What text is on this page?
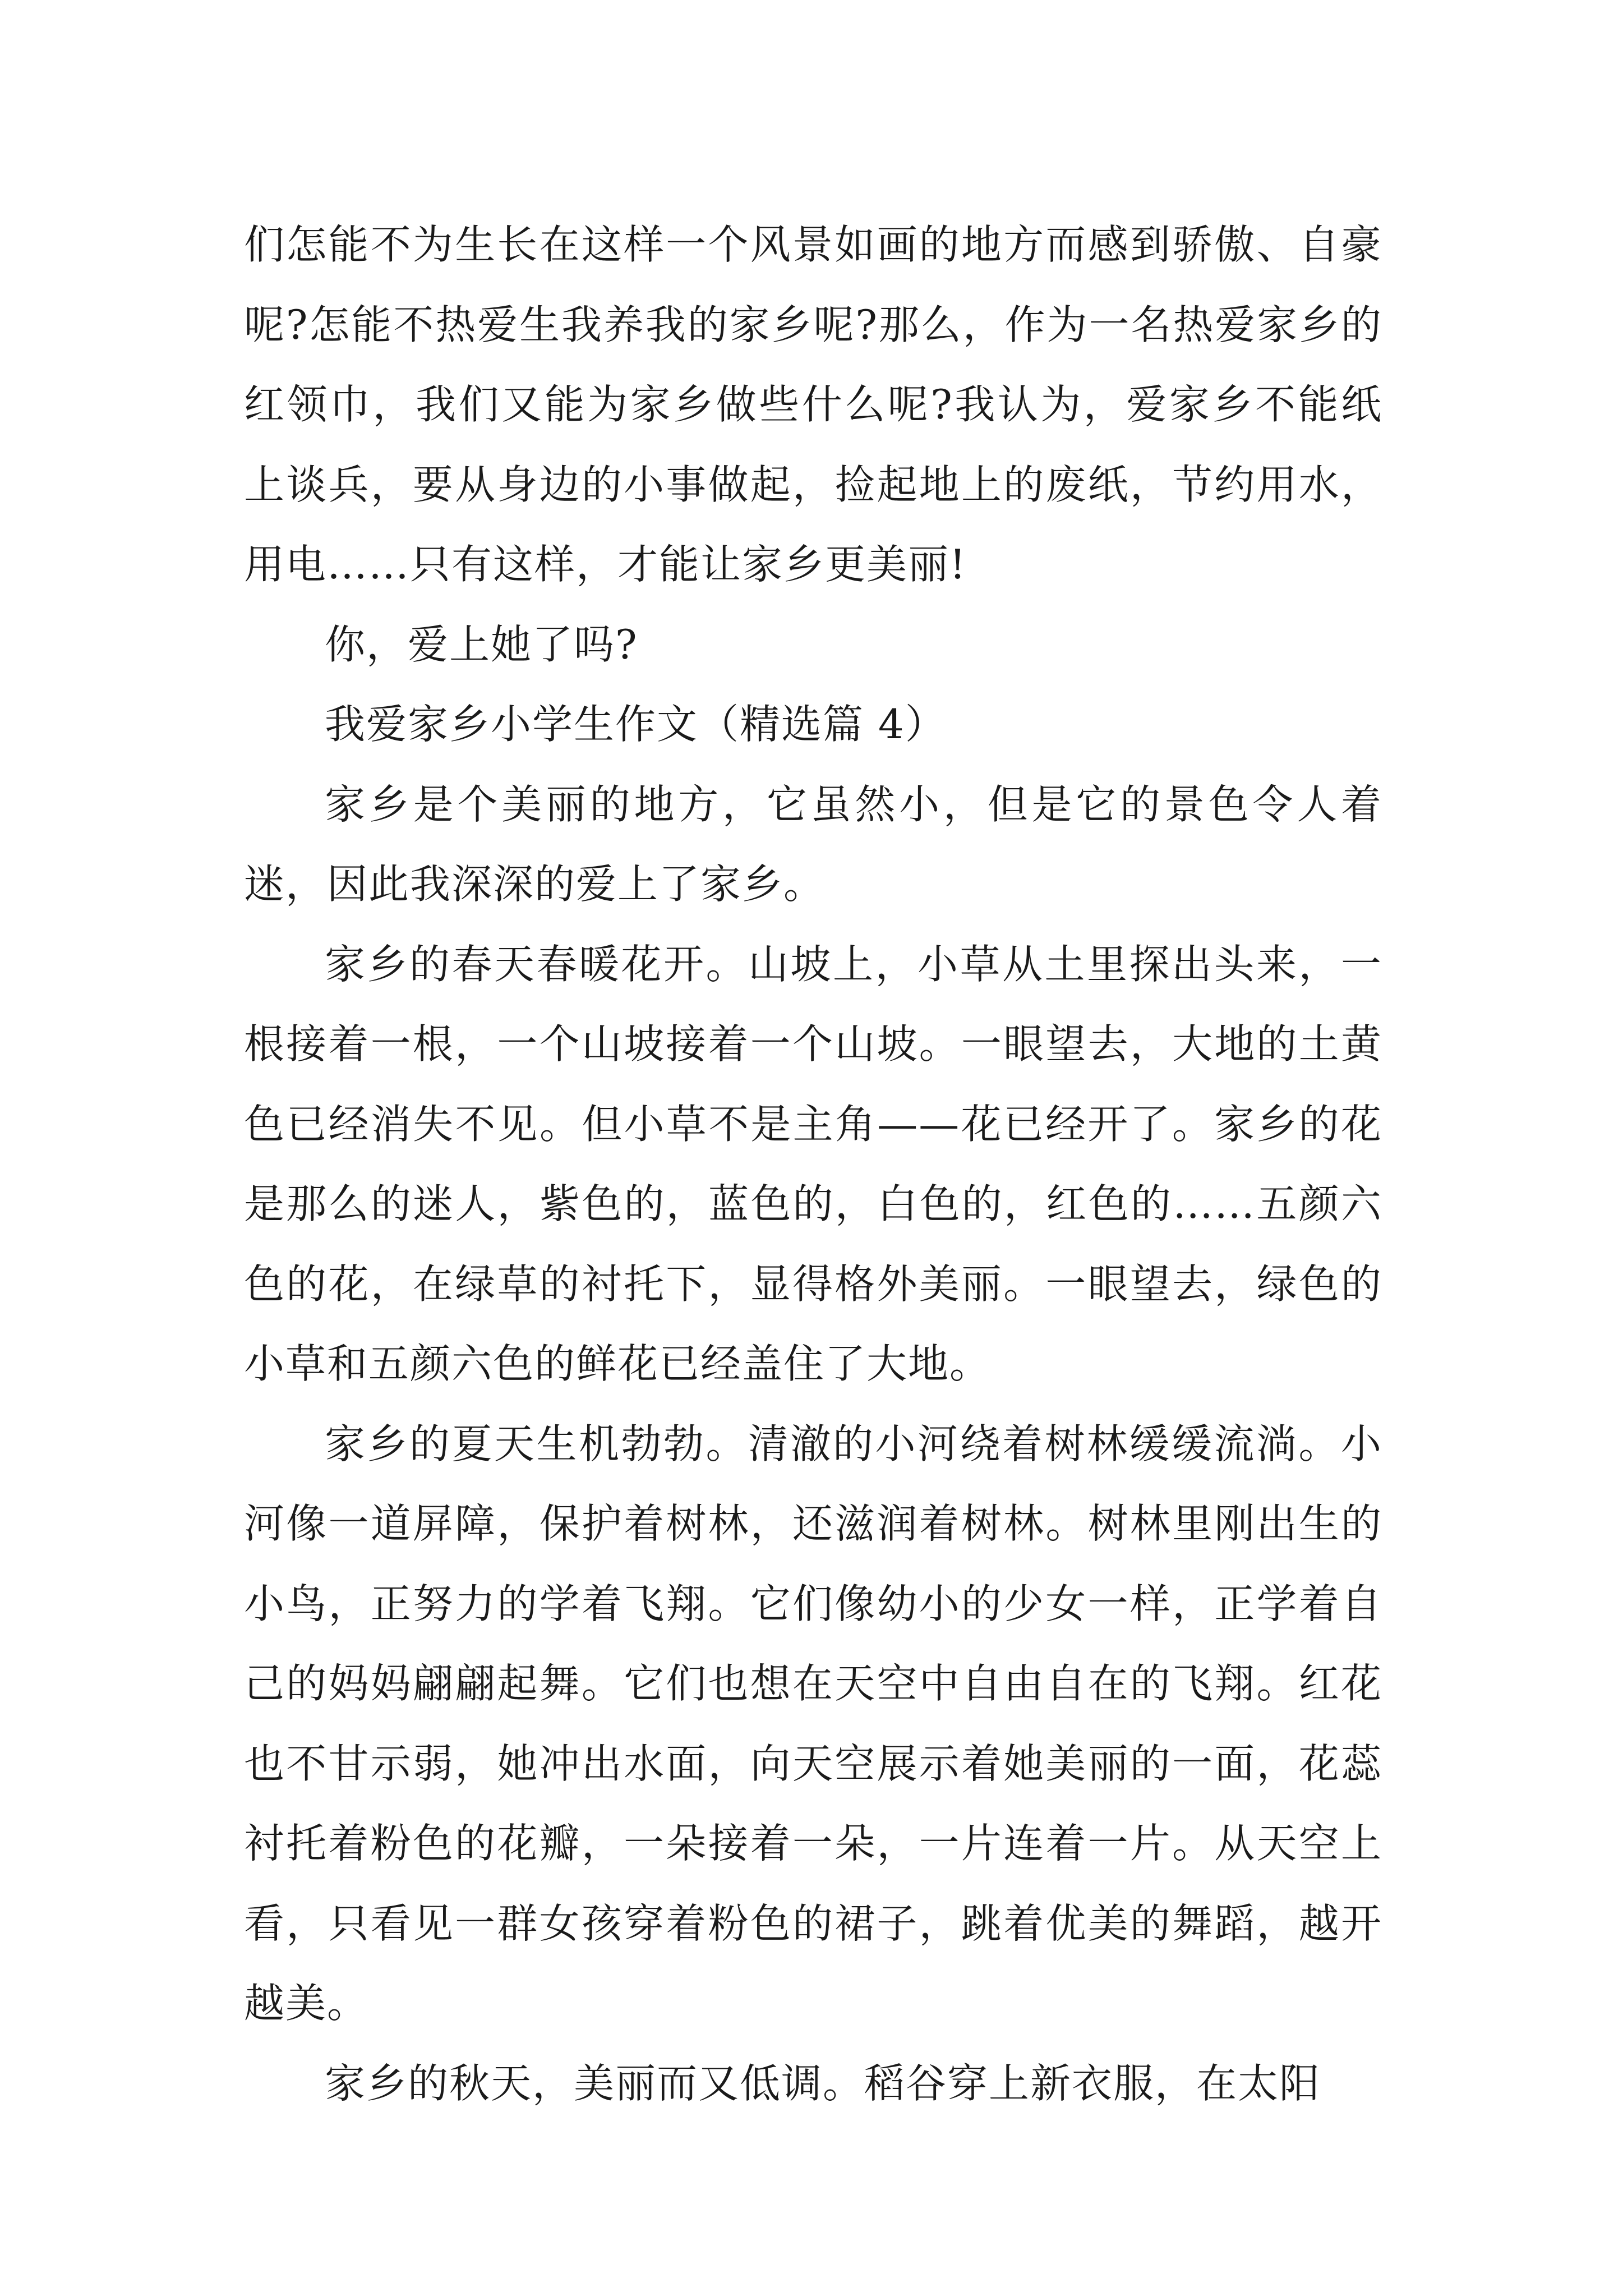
们怎能不为生长在这样一个风景如画的地方而感到骄傲、自豪呢?怎能不热爱生我养我的家乡呢?那么，作为一名热爱家乡的红领巾，我们又能为家乡做些什么呢?我认为，爱家乡不能纸上谈兵，要从身边的小事做起，捡起地上的废纸，节约用水，用电……只有这样，才能让家乡更美丽!

你，爱上她了吗?

我爱家乡小学生作文（精选篇 4）

家乡是个美丽的地方，它虽然小，但是它的景色令人着迷，因此我深深的爱上了家乡。

家乡的春天春暖花开。山坡上，小草从土里探出头来，一根接着一根，一个山坡接着一个山坡。一眼望去，大地的土黄色已经消失不见。但小草不是主角——花已经开了。家乡的花是那么的迷人，紫色的，蓝色的，白色的，红色的……五颜六色的花，在绿草的衬托下，显得格外美丽。一眼望去，绿色的小草和五颜六色的鲜花已经盖住了大地。

家乡的夏天生机勃勃。清澈的小河绕着树林缓缓流淌。小河像一道屏障，保护着树林，还滋润着树林。树林里刚出生的小鸟，正努力的学着飞翔。它们像幼小的少女一样，正学着自己的妈妈翩翩起舞。它们也想在天空中自由自在的飞翔。红花也不甘示弱，她冲出水面，向天空展示着她美丽的一面，花蕊衬托着粉色的花瓣，一朵接着一朵，一片连着一片。从天空上看，只看见一群女孩穿着粉色的裙子，跳着优美的舞蹈，越开越美。

家乡的秋天，美丽而又低调。稻谷穿上新衣服，在太阳
